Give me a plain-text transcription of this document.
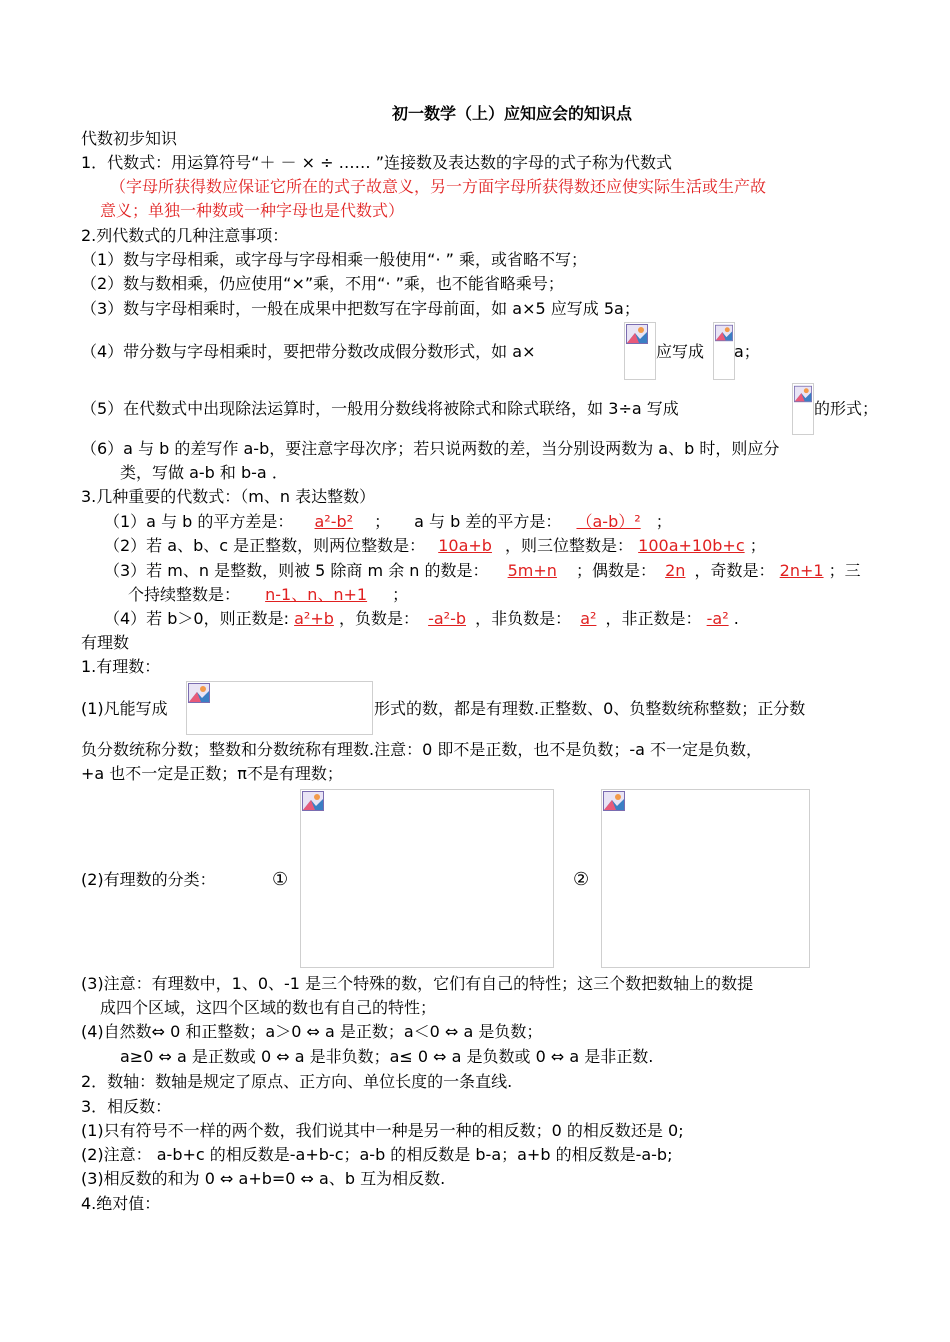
初一数学（上）应知应会的知识点
代数初步知识
1．代数式：用运算符号“＋ － × ÷ …… ”连接数及表达数的字母的式子称为代数式
（字母所获得数应保证它所在的式子故意义，另一方面字母所获得数还应使实际生活或生产故
意义；单独一种数或一种字母也是代数式）
2.列代数式的几种注意事项：
（1）数与字母相乘，或字母与字母相乘一般使用“· ” 乘，或省略不写；
（2）数与数相乘，仍应使用“×”乘，不用“· ”乘，也不能省略乘号；
（3）数与字母相乘时，一般在成果中把数写在字母前面，如 a×5 应写成 5a；
（4）带分数与字母相乘时，要把带分数改成假分数形式，如 a×	应写成 a；
（5）在代数式中出现除法运算时，一般用分数线将被除式和除式联络，如 3÷a 写成	的形式；
（6）a 与 b 的差写作 a-b，要注意字母次序；若只说两数的差，当分别设两数为 a、b 时，则应分
类，写做 a-b 和 b-a ．
3.几种重要的代数式：（m、n 表达整数）
（1）a 与 b 的平方差是： a²-b² ；　　a 与 b 差的平方是： （a-b）² ；
（2）若 a、b、c 是正整数，则两位整数是： 10a+b ，则三位整数是： 100a+10b+c ；
（3）若 m、n 是整数，则被 5 除商 m 余 n 的数是： 5m+n ；偶数是： 2n ，奇数是： 2n+1 ；三
个持续整数是： n-1、n、n+1 ；
（4）若 b＞0，则正数是: a²+b ，负数是： -a²-b ，非负数是： a² ，非正数是： -a² .
有理数
1.有理数：
(1)凡能写成	形式的数，都是有理数.正整数、0、负整数统称整数；正分数
负分数统称分数；整数和分数统称有理数.注意：0 即不是正数，也不是负数；-a 不一定是负数，
+a 也不一定是正数；π不是有理数；
(2)有理数的分类：	①	②
(3)注意：有理数中，1、0、-1 是三个特殊的数，它们有自己的特性；这三个数把数轴上的数提
成四个区域，这四个区域的数也有自己的特性；
(4)自然数⇔ 0 和正整数；a＞0 ⇔ a 是正数；a＜0 ⇔ a 是负数；
a≥0 ⇔ a 是正数或 0 ⇔ a 是非负数；a≤ 0 ⇔ a 是负数或 0 ⇔ a 是非正数.
2．数轴：数轴是规定了原点、正方向、单位长度的一条直线.
3．相反数：
(1)只有符号不一样的两个数，我们说其中一种是另一种的相反数；0 的相反数还是 0;
(2)注意： a-b+c 的相反数是-a+b-c；a-b 的相反数是 b-a；a+b 的相反数是-a-b;
(3)相反数的和为 0 ⇔ a+b=0 ⇔ a、b 互为相反数.
4.绝对值：
